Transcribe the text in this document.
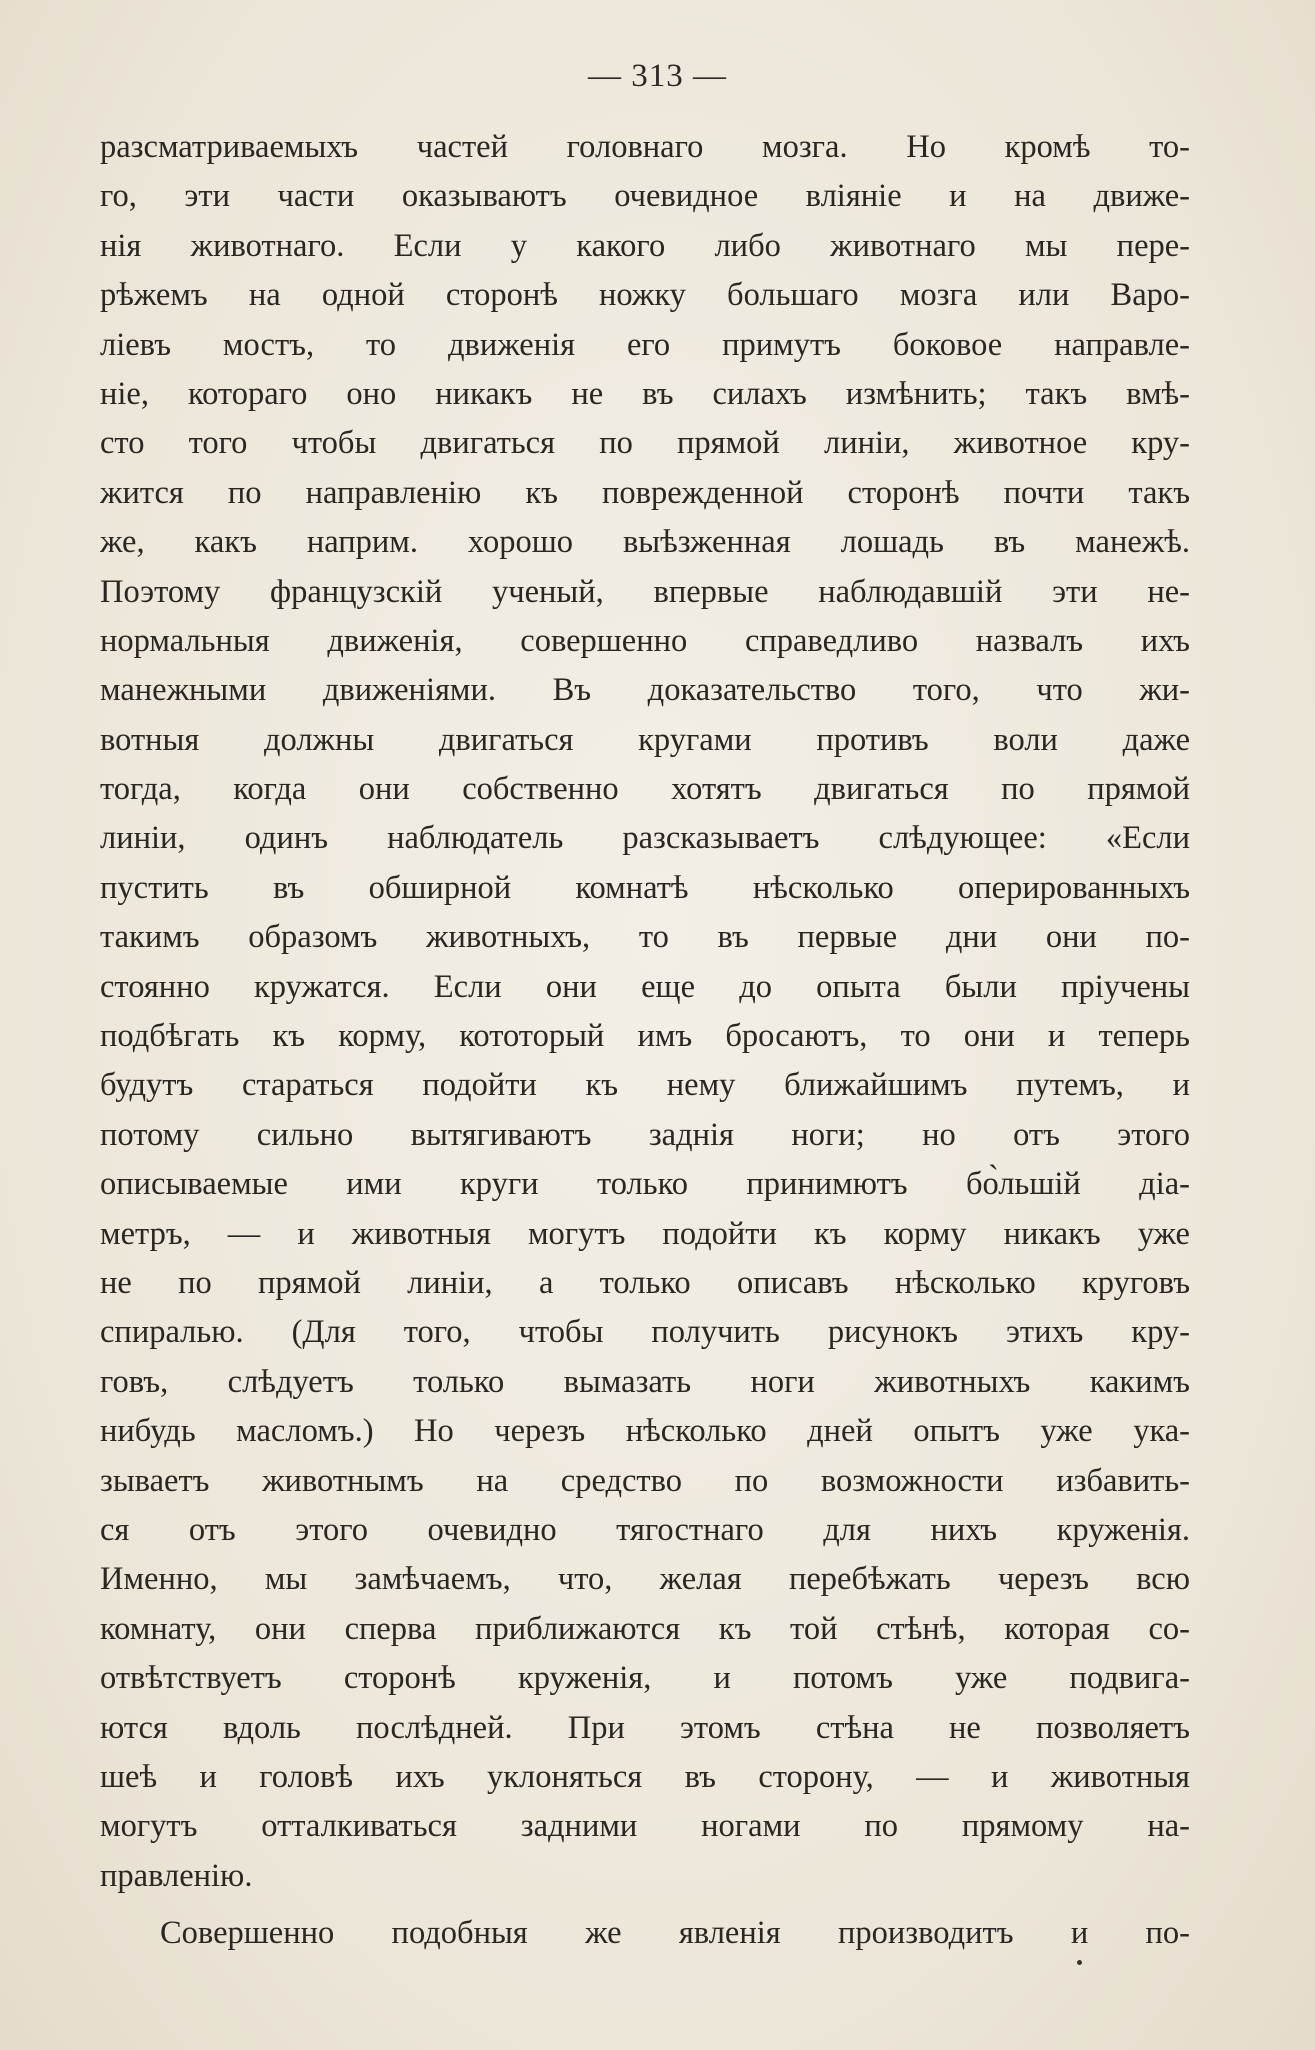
— 313 —
разсматриваемыхъ частей головнаго мозга. Но кромѣ то-
го, эти части оказываютъ очевидное вліяніе и на движе-
нія животнаго. Если у какого либо животнаго мы пере-
рѣжемъ на одной сторонѣ ножку большаго мозга или Варо-
ліевъ мостъ, то движенія его примутъ боковое направле-
ніе, котораго оно никакъ не въ силахъ измѣнить; такъ вмѣ-
сто того чтобы двигаться по прямой линіи, животное кру-
жится по направленію къ поврежденной сторонѣ почти такъ
же, какъ наприм. хорошо выѣзженная лошадь въ манежѣ.
Поэтому французскій ученый, впервые наблюдавшій эти не-
нормальныя движенія, совершенно справедливо назвалъ ихъ
манежными движеніями. Въ доказательство того, что жи-
вотныя должны двигаться кругами противъ воли даже
тогда, когда они собственно хотятъ двигаться по прямой
линіи, одинъ наблюдатель разсказываетъ слѣдующее: «Если
пустить въ обширной комнатѣ нѣсколько оперированныхъ
такимъ образомъ животныхъ, то въ первые дни они по-
стоянно кружатся. Если они еще до опыта были пріучены
подбѣгать къ корму, кототорый имъ бросаютъ, то они и теперь
будутъ стараться подойти къ нему ближайшимъ путемъ, и
потому сильно вытягиваютъ заднія ноги; но отъ этого
описываемые ими круги только принимютъ бо̀льшій діа-
метръ, — и животныя могутъ подойти къ корму никакъ уже
не по прямой линіи, а только описавъ нѣсколько круговъ
спиралью. (Для того, чтобы получить рисунокъ этихъ кру-
говъ, слѣдуетъ только вымазать ноги животныхъ какимъ
нибудь масломъ.) Но черезъ нѣсколько дней опытъ уже ука-
зываетъ животнымъ на средство по возможности избавить-
ся отъ этого очевидно тягостнаго для нихъ круженія.
Именно, мы замѣчаемъ, что, желая перебѣжать черезъ всю
комнату, они сперва приближаются къ той стѣнѣ, которая со-
отвѣтствуетъ сторонѣ круженія, и потомъ уже подвига-
ются вдоль послѣдней. При этомъ стѣна не позволяетъ
шеѣ и головѣ ихъ уклоняться въ сторону, — и животныя
могутъ отталкиваться задними ногами по прямому на-
правленію.
Совершенно подобныя же явленія производитъ и по-
